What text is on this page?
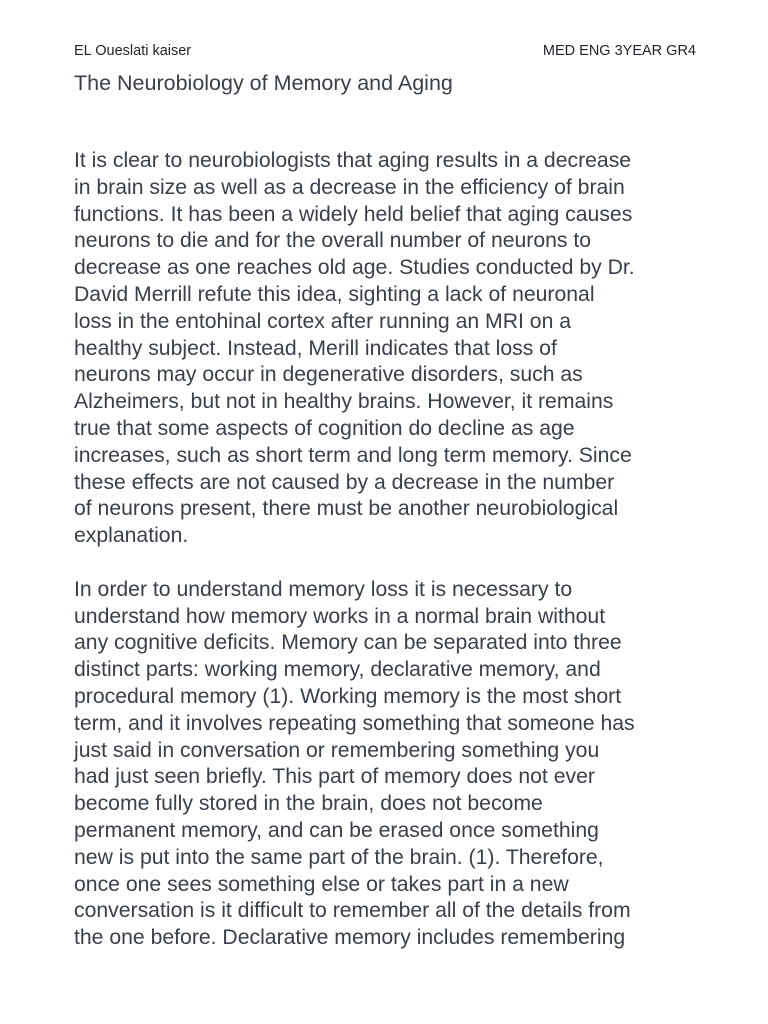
EL Oueslati kaiser	MED ENG 3YEAR GR4
The Neurobiology of Memory and Aging

It is clear to neurobiologists that aging results in a decrease
in brain size as well as a decrease in the efficiency of brain
functions. It has been a widely held belief that aging causes
neurons to die and for the overall number of neurons to
decrease as one reaches old age. Studies conducted by Dr.
David Merrill refute this idea, sighting a lack of neuronal
loss in the entohinal cortex after running an MRI on a
healthy subject. Instead, Merill indicates that loss of
neurons may occur in degenerative disorders, such as
Alzheimers, but not in healthy brains. However, it remains
true that some aspects of cognition do decline as age
increases, such as short term and long term memory. Since
these effects are not caused by a decrease in the number
of neurons present, there must be another neurobiological
explanation.

In order to understand memory loss it is necessary to
understand how memory works in a normal brain without
any cognitive deficits. Memory can be separated into three
distinct parts: working memory, declarative memory, and
procedural memory (1). Working memory is the most short
term, and it involves repeating something that someone has
just said in conversation or remembering something you
had just seen briefly. This part of memory does not ever
become fully stored in the brain, does not become
permanent memory, and can be erased once something
new is put into the same part of the brain. (1). Therefore,
once one sees something else or takes part in a new
conversation is it difficult to remember all of the details from
the one before. Declarative memory includes remembering
